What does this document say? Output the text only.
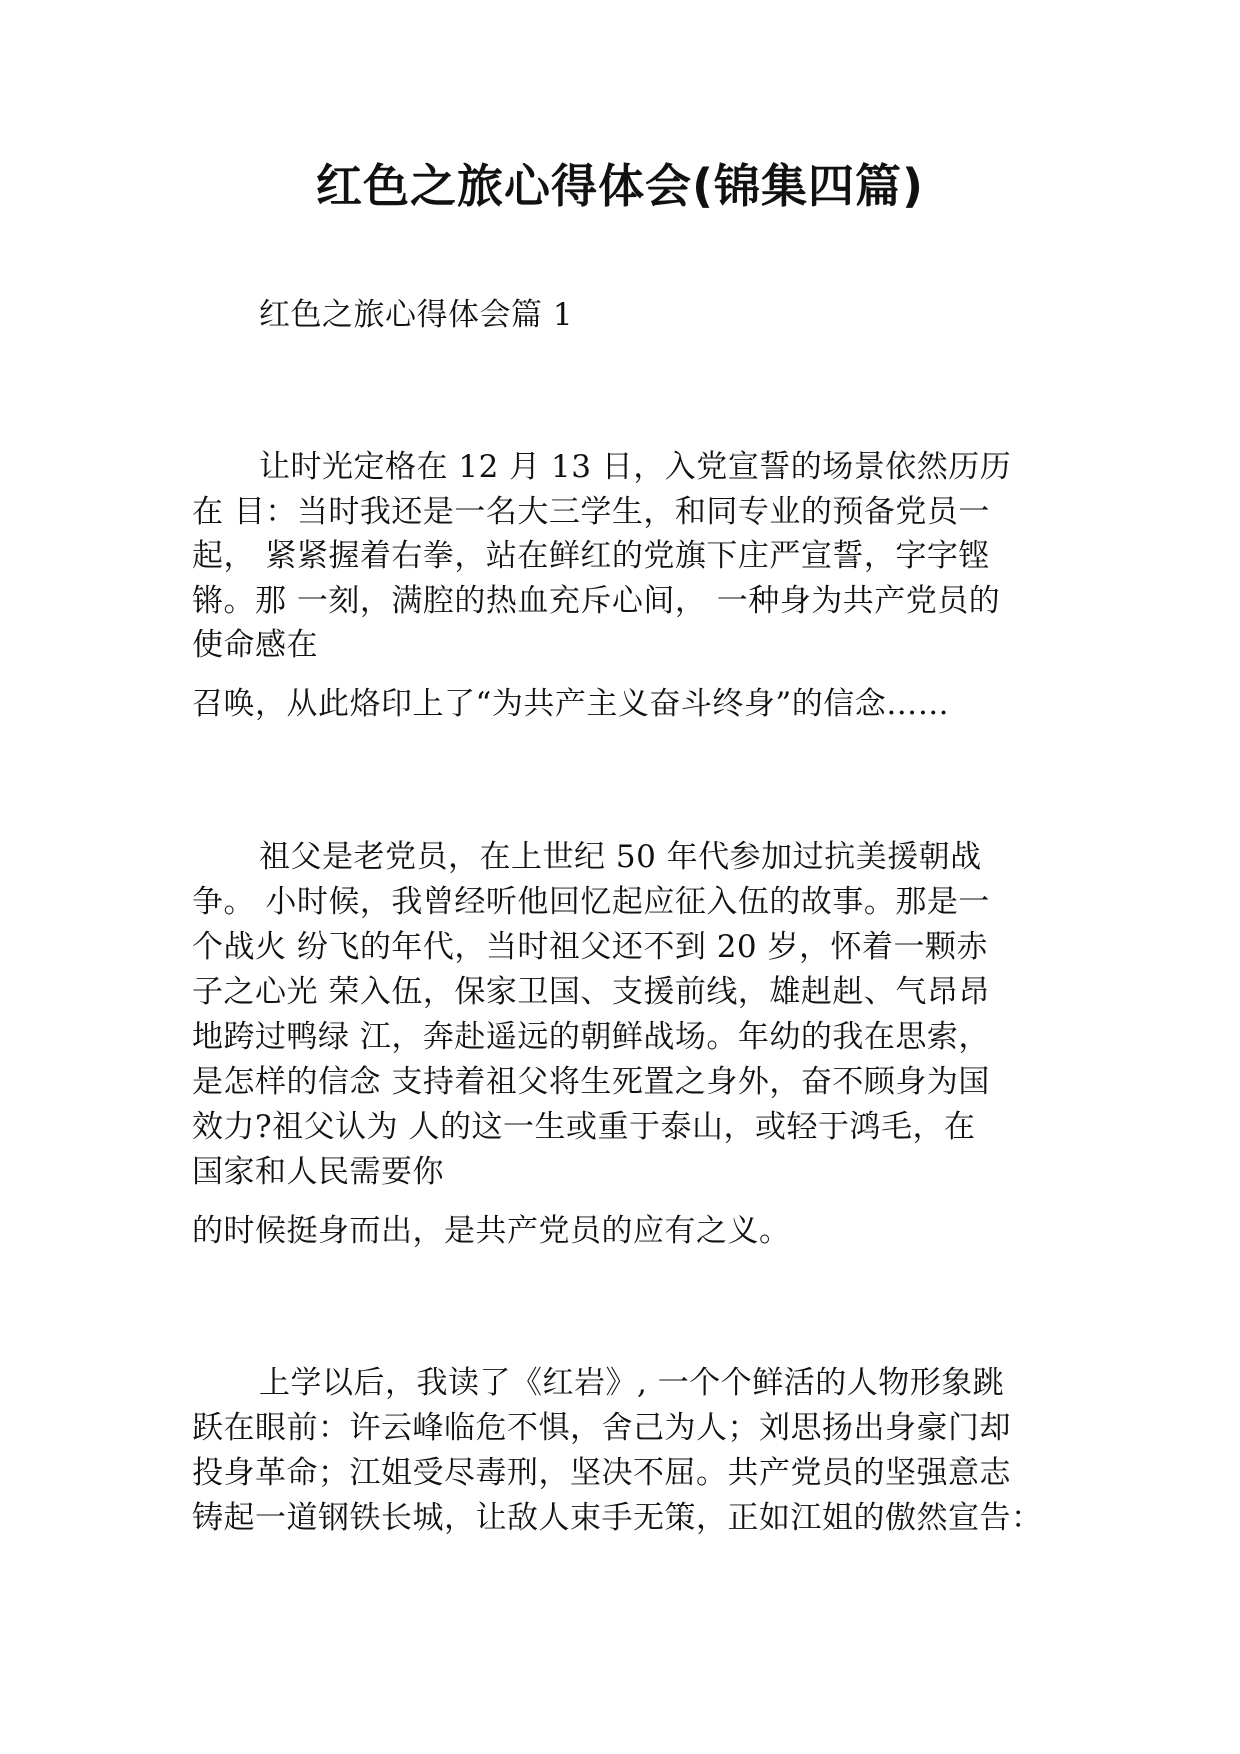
红色之旅心得体会(锦集四篇)
红色之旅心得体会篇 1
让时光定格在 12 月 13 日，入党宣誓的场景依然历历
在 目：当时我还是一名大三学生，和同专业的预备党员一
起， 紧紧握着右拳，站在鲜红的党旗下庄严宣誓，字字铿
锵。那 一刻，满腔的热血充斥心间， 一种身为共产党员的
使命感在
召唤，从此烙印上了“为共产主义奋斗终身”的信念……
祖父是老党员，在上世纪 50 年代参加过抗美援朝战
争。 小时候，我曾经听他回忆起应征入伍的故事。那是一
个战火 纷飞的年代，当时祖父还不到 20 岁，怀着一颗赤
子之心光 荣入伍，保家卫国、支援前线，雄赳赳、气昂昂
地跨过鸭绿 江，奔赴遥远的朝鲜战场。年幼的我在思索，
是怎样的信念 支持着祖父将生死置之身外，奋不顾身为国
效力?祖父认为 人的这一生或重于泰山，或轻于鸿毛，在
国家和人民需要你
的时候挺身而出，是共产党员的应有之义。
上学以后，我读了《红岩》, 一个个鲜活的人物形象跳
跃在眼前：许云峰临危不惧，舍己为人；刘思扬出身豪门却
投身革命；江姐受尽毒刑，坚决不屈。共产党员的坚强意志
铸起一道钢铁长城，让敌人束手无策，正如江姐的傲然宣告：
